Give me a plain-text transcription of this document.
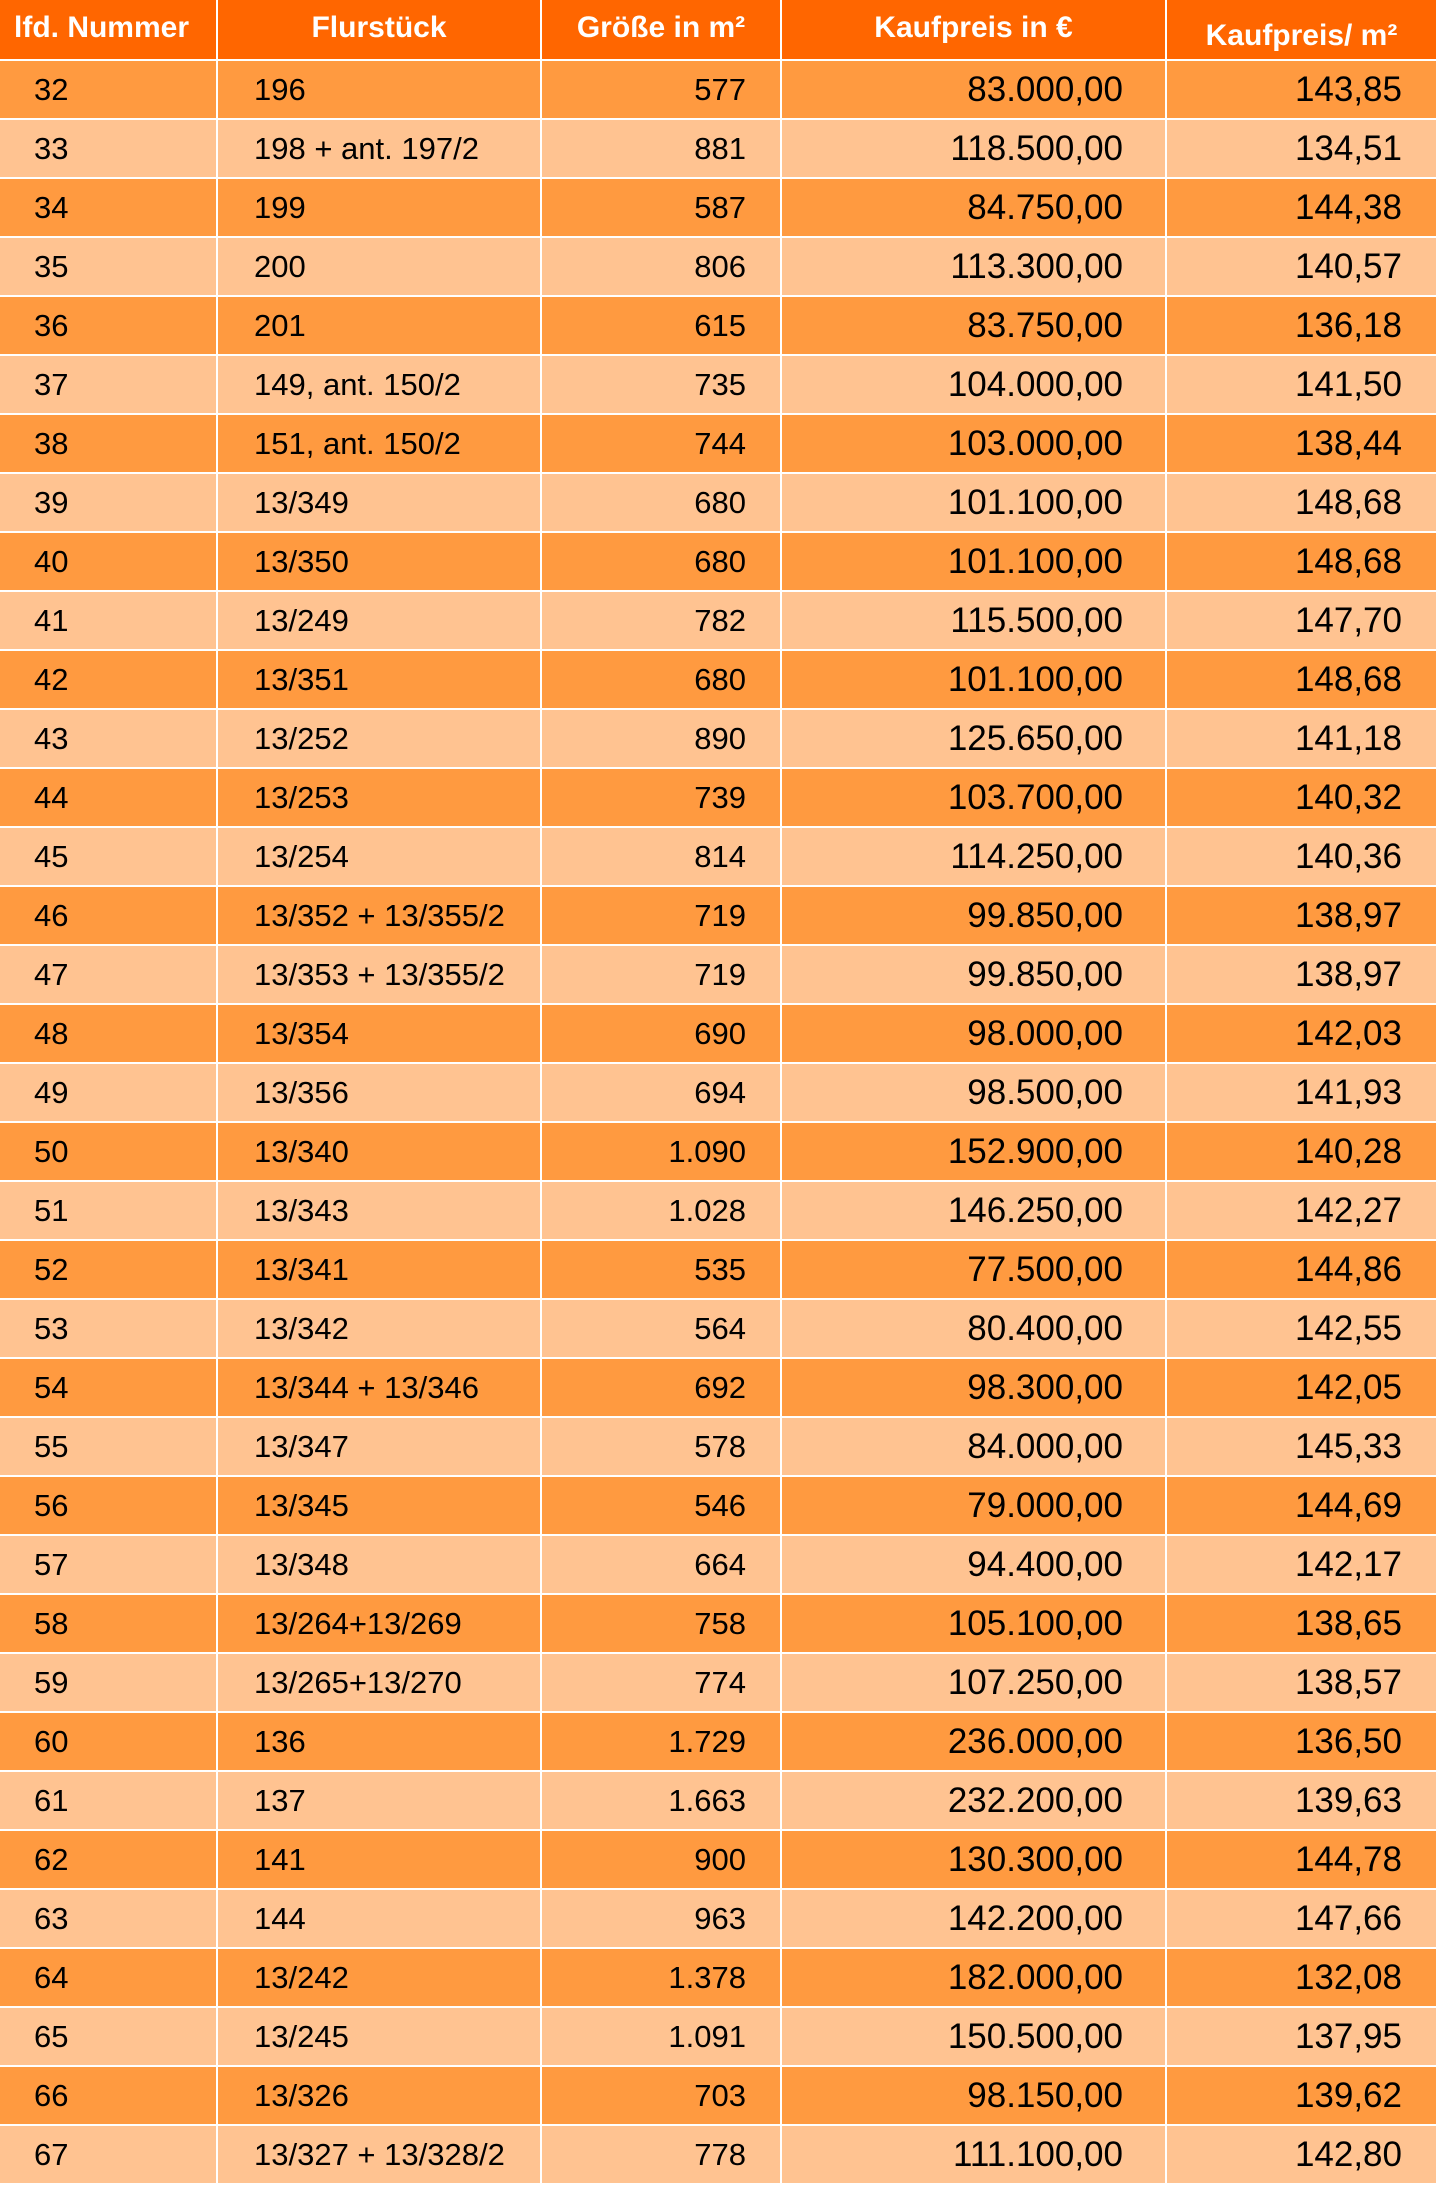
lfd. Nummer	Flurstück	Größe in m²	Kaufpreis in €	Kaufpreis/ m²
32	196	577	83.000,00	143,85
33	198 + ant. 197/2	881	118.500,00	134,51
34	199	587	84.750,00	144,38
35	200	806	113.300,00	140,57
36	201	615	83.750,00	136,18
37	149, ant. 150/2	735	104.000,00	141,50
38	151, ant. 150/2	744	103.000,00	138,44
39	13/349	680	101.100,00	148,68
40	13/350	680	101.100,00	148,68
41	13/249	782	115.500,00	147,70
42	13/351	680	101.100,00	148,68
43	13/252	890	125.650,00	141,18
44	13/253	739	103.700,00	140,32
45	13/254	814	114.250,00	140,36
46	13/352 + 13/355/2	719	99.850,00	138,97
47	13/353 + 13/355/2	719	99.850,00	138,97
48	13/354	690	98.000,00	142,03
49	13/356	694	98.500,00	141,93
50	13/340	1.090	152.900,00	140,28
51	13/343	1.028	146.250,00	142,27
52	13/341	535	77.500,00	144,86
53	13/342	564	80.400,00	142,55
54	13/344 + 13/346	692	98.300,00	142,05
55	13/347	578	84.000,00	145,33
56	13/345	546	79.000,00	144,69
57	13/348	664	94.400,00	142,17
58	13/264+13/269	758	105.100,00	138,65
59	13/265+13/270	774	107.250,00	138,57
60	136	1.729	236.000,00	136,50
61	137	1.663	232.200,00	139,63
62	141	900	130.300,00	144,78
63	144	963	142.200,00	147,66
64	13/242	1.378	182.000,00	132,08
65	13/245	1.091	150.500,00	137,95
66	13/326	703	98.150,00	139,62
67	13/327 + 13/328/2	778	111.100,00	142,80
